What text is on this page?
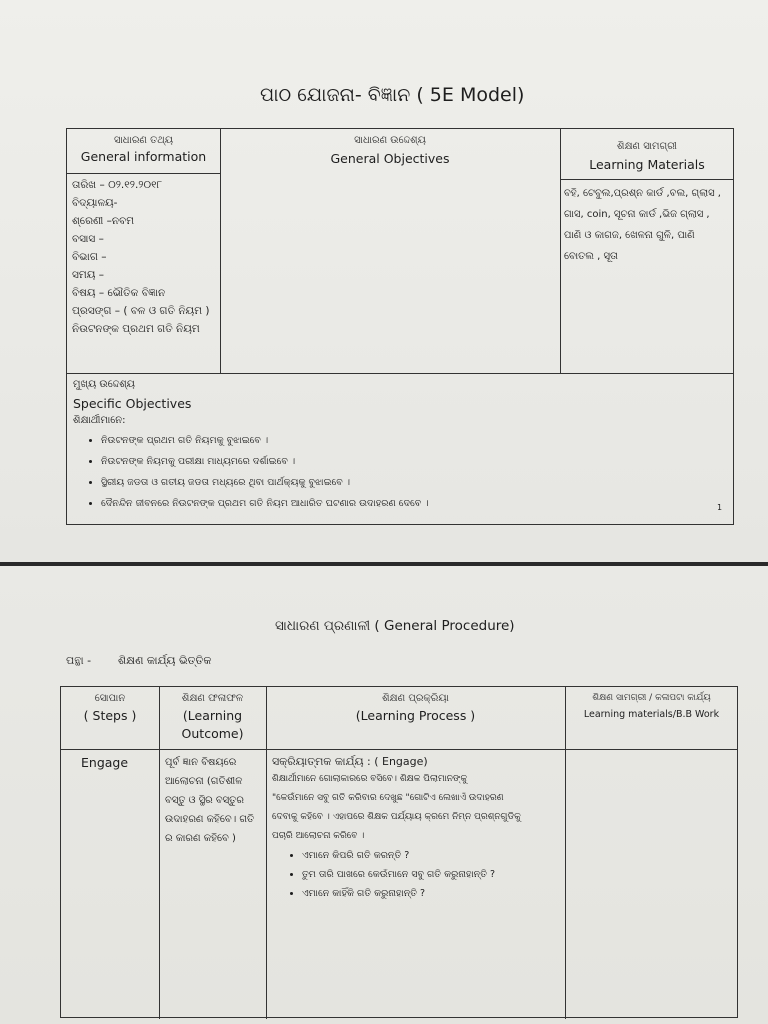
ପାଠ ଯୋଜନା- ବିଜ୍ଞାନ ( 5E Model)
ସାଧାରଣ ତଥ୍ୟ
General information
ସାଧାରଣ ଉଦ୍ଦେଶ୍ୟ
General Objectives
ଶିକ୍ଷଣ ସାମଗ୍ରୀ
Learning Materials
ତାରିଖ – ୦୨.୧୨.୨୦୧୮
ବିଦ୍ୟାଳୟ-
ଶ୍ରେଣୀ –ନବମ
ବସାସ –
ବିଭାଗ –
ସମୟ –
ବିଷୟ – ଭୌତିକ ବିଜ୍ଞାନ
ପ୍ରସଙ୍ଗ – ( ବଳ ଓ ଗତି ନିୟମ )
ନିଉଟନଙ୍କ ପ୍ରଥମ ଗତି ନିୟମ
ବହି, ଟେବୁଲ,ପ୍ରଶ୍ନ କାର୍ଡ ,ବଲ, ଗ୍ଲାସ ,
ଗାସ, coin, ସୂଚନା କାର୍ଡ ,ଭିଜ ଗ୍ଲାସ ,
ପାଣି ଓ କାଗଜ, ଖେଳନା ଗୁଳି, ପାଣି
ବୋତଲ , ସୂତା
ମୁଖ୍ୟ ଉଦ୍ଦେଶ୍ୟ
Specific Objectives
ଶିକ୍ଷାର୍ଥୀମାନେ:
• ନିଉଟନଙ୍କ ପ୍ରଥମ ଗତି ନିୟମକୁ ବୁଝାଇବେ ।
• ନିଉଟନଙ୍କ ନିୟମକୁ ପରୀକ୍ଷା ମାଧ୍ୟମରେ ଦର୍ଶାଇବେ ।
• ସ୍ଥିରୀୟ ଜଡତା ଓ ଗତୀୟ ଜଡତା ମଧ୍ୟରେ ଥିବା ପାର୍ଥକ୍ୟକୁ ବୁଝାଇବେ ।
• ଦୈନନ୍ଦିନ ଜୀବନରେ ନିଉଟନଙ୍କ ପ୍ରଥମ ଗତି ନିୟମ ଆଧାରିତ ଘଟଣାର ଉଦାହରଣ ଦେବେ ।	1
ସାଧାରଣ ପ୍ରଣାଳୀ ( General Procedure)
ପନ୍ଥା - ଶିକ୍ଷଣ କାର୍ଯ୍ୟ ଭିତ୍ତିକ
ସୋପାନ
( Steps )
ଶିକ୍ଷଣ ଫଳାଫଳ
(Learning
Outcome)
ଶିକ୍ଷଣ ପ୍ରକ୍ରିୟା
(Learning Process )
ଶିକ୍ଷଣ ସାମଗ୍ରୀ / କଳାପଟା କାର୍ଯ୍ୟ
Learning materials/B.B Work
Engage	ପୂର୍ବ ଜ୍ଞାନ ବିଷୟରେ
ଆଲୋଚନା (ଗତିଶୀଳ
ବସ୍ତୁ ଓ ସ୍ଥିର ବସ୍ତୁର
ଉଦାହରଣ କହିବେ। ଗତି
ର କାରଣ କହିବେ )
ସକ୍ରିୟାତ୍ମକ କାର୍ଯ୍ୟ : ( Engage)
ଶିକ୍ଷାର୍ଥୀମାନେ ଗୋଲାକାରରେ ବସିବେ। ଶିକ୍ଷକ ପିଲାମାନଙ୍କୁ
"କେଉଁମାନେ ସବୁ ଗତି କରିବାର ଦେଖୁଛ "ଗୋଟିଏ ଲେଖାଏଁ ଉଦାହରଣ
ଦେବାକୁ କହିବେ । ଏହାପରେ ଶିକ୍ଷକ ପର୍ଯ୍ୟାୟ କ୍ରମେ ନିମ୍ନ ପ୍ରଶ୍ନଗୁଡିକୁ
ପଚାରି ଆଲୋଚନା କରିବେ ।
• ଏମାନେ କିପରି ଗତି କରନ୍ତି ?
• ତୁମ ତାରି ପାଖରେ କେଉଁମାନେ ସବୁ ଗତି କରୁନାହାନ୍ତି ?
• ଏମାନେ କାହିଁକି ଗତି କରୁନାହାନ୍ତି ?
